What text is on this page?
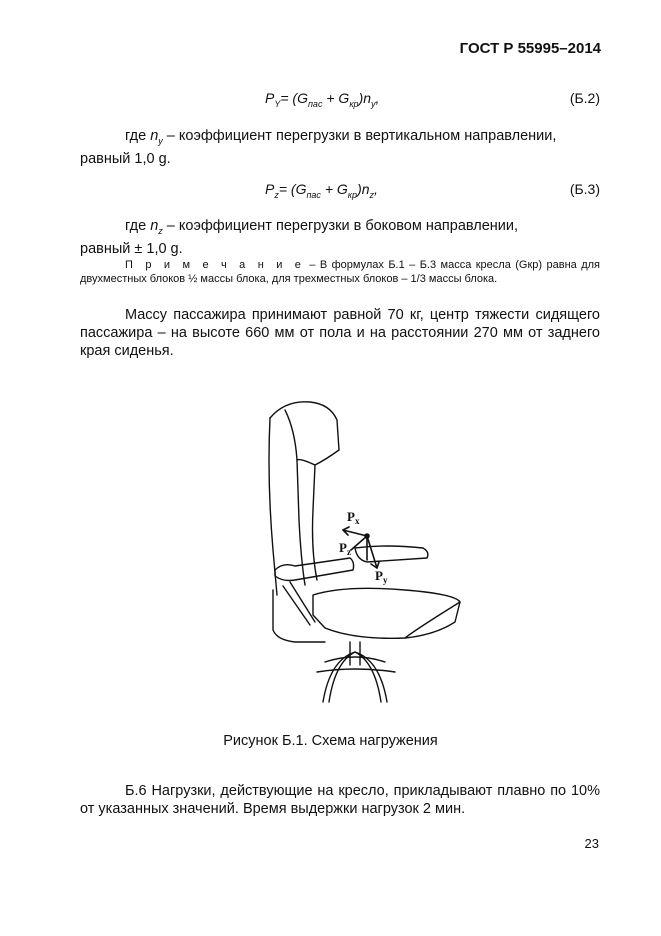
ГОСТ Р 55995–2014
$P_Y= (G_{пас} + G_{кр})n_y$,	(Б.2)
где $n_y$ – коэффициент перегрузки в вертикальном направлении,
равный 1,0 g.
$P_z= (G_{пас} + G_{кр})n_z$,	(Б.3)
где $n_z$ – коэффициент перегрузки в боковом направлении,
равный ± 1,0 g.
П р и м е ч а н и е – В формулах Б.1 – Б.3 масса кресла (Gкр) равна для двухместных блоков ½ массы блока, для трехместных блоков – 1/3 массы блока.
Массу пассажира принимают равной 70 кг, центр тяжести сидящего пассажира – на высоте 660 мм от пола и на расстоянии 270 мм от заднего края сиденья.
$P_x$
$P_z$
$P_y$
Рисунок Б.1. Схема нагружения
Б.6 Нагрузки, действующие на кресло, прикладывают плавно по 10% от указанных значений. Время выдержки нагрузок 2 мин.
23
